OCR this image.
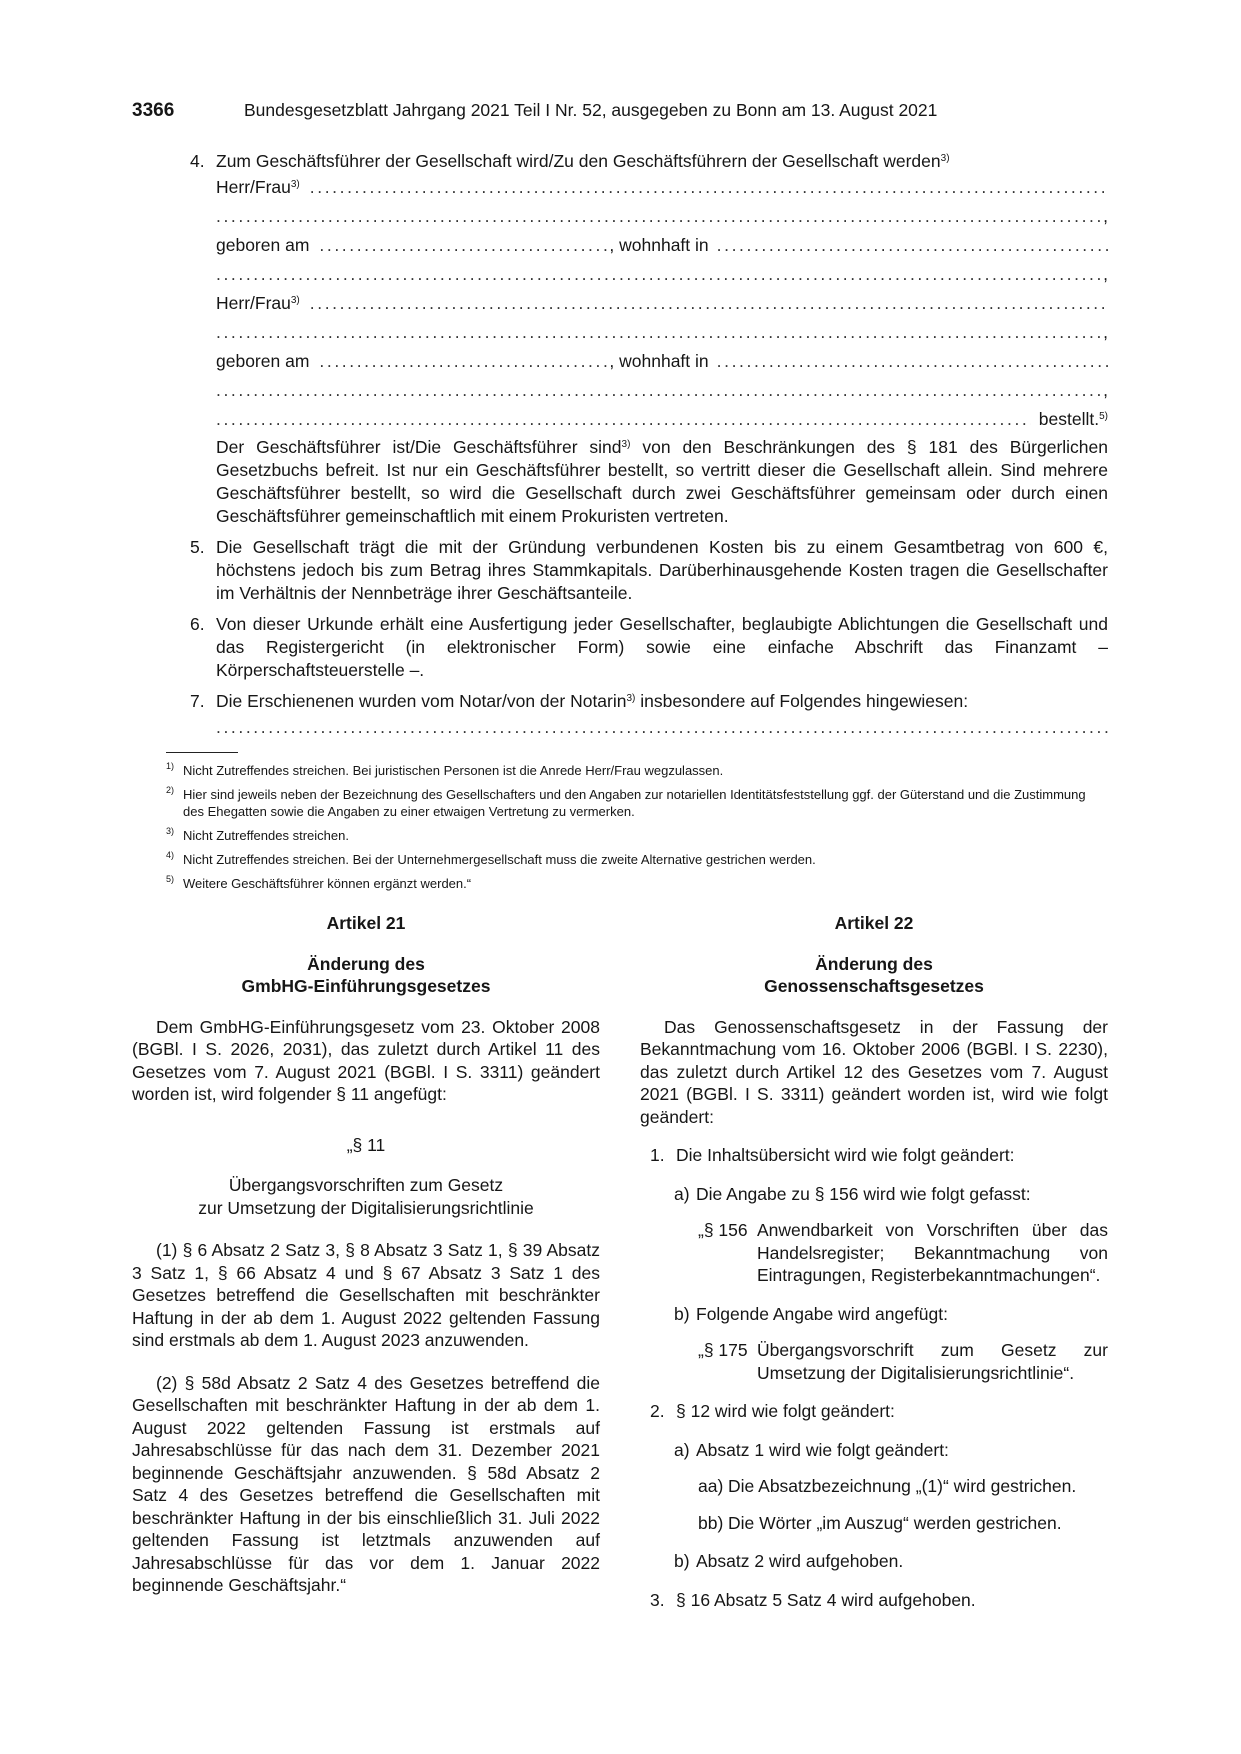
3366	Bundesgesetzblatt Jahrgang 2021 Teil I Nr. 52, ausgegeben zu Bonn am 13. August 2021
4. Zum Geschäftsführer der Gesellschaft wird/Zu den Geschäftsführern der Gesellschaft werden$^{3)}$
Herr/Frau$^{3)}$
.....
.....
,
geboren am .....	, wohnhaft in
.....
.....
,
Herr/Frau$^{3)}$
.....
.....
,
geboren am .....	, wohnhaft in
.....
.....
,
.....
bestellt.$^{5)}$
Der Geschäftsführer ist/Die Geschäftsführer sind$^{3)}$ von den Beschränkungen des § 181 des Bürgerlichen Gesetzbuchs befreit. Ist nur ein Geschäftsführer bestellt, so vertritt dieser die Gesellschaft allein. Sind mehrere Geschäftsführer bestellt, so wird die Gesellschaft durch zwei Geschäftsführer gemeinsam oder durch einen Geschäftsführer gemeinschaftlich mit einem Prokuristen vertreten.
5. Die Gesellschaft trägt die mit der Gründung verbundenen Kosten bis zu einem Gesamtbetrag von 600 €, höchstens jedoch bis zum Betrag ihres Stammkapitals. Darüberhinausgehende Kosten tragen die Gesellschafter im Verhältnis der Nennbeträge ihrer Geschäftsanteile.
6. Von dieser Urkunde erhält eine Ausfertigung jeder Gesellschafter, beglaubigte Ablichtungen die Gesellschaft und das Registergericht (in elektronischer Form) sowie eine einfache Abschrift das Finanzamt – Körperschaftsteuerstelle –.
7. Die Erschienenen wurden vom Notar/von der Notarin$^{3)}$ insbesondere auf Folgendes hingewiesen:
.....
1) Nicht Zutreffendes streichen. Bei juristischen Personen ist die Anrede Herr/Frau wegzulassen.
2) Hier sind jeweils neben der Bezeichnung des Gesellschafters und den Angaben zur notariellen Identitätsfeststellung ggf. der Güterstand und die Zustimmung des Ehegatten sowie die Angaben zu einer etwaigen Vertretung zu vermerken.
3) Nicht Zutreffendes streichen.
4) Nicht Zutreffendes streichen. Bei der Unternehmergesellschaft muss die zweite Alternative gestrichen werden.
5) Weitere Geschäftsführer können ergänzt werden.“
Artikel 21
Änderung des
GmbHG-Einführungsgesetzes
Dem GmbHG-Einführungsgesetz vom 23. Oktober 2008 (BGBl. I S. 2026, 2031), das zuletzt durch Artikel 11 des Gesetzes vom 7. August 2021 (BGBl. I S. 3311) geändert worden ist, wird folgender § 11 angefügt:
„§ 11
Übergangsvorschriften zum Gesetz
zur Umsetzung der Digitalisierungsrichtlinie
(1) § 6 Absatz 2 Satz 3, § 8 Absatz 3 Satz 1, § 39 Absatz 3 Satz 1, § 66 Absatz 4 und § 67 Absatz 3 Satz 1 des Gesetzes betreffend die Gesellschaften mit beschränkter Haftung in der ab dem 1. August 2022 geltenden Fassung sind erstmals ab dem 1. August 2023 anzuwenden.
(2) § 58d Absatz 2 Satz 4 des Gesetzes betreffend die Gesellschaften mit beschränkter Haftung in der ab dem 1. August 2022 geltenden Fassung ist erstmals auf Jahresabschlüsse für das nach dem 31. Dezember 2021 beginnende Geschäftsjahr anzuwenden. § 58d Absatz 2 Satz 4 des Gesetzes betreffend die Gesellschaften mit beschränkter Haftung in der bis einschließlich 31. Juli 2022 geltenden Fassung ist letztmals anzuwenden auf Jahresabschlüsse für das vor dem 1. Januar 2022 beginnende Geschäftsjahr.“
Artikel 22
Änderung des
Genossenschaftsgesetzes
Das Genossenschaftsgesetz in der Fassung der Bekanntmachung vom 16. Oktober 2006 (BGBl. I S. 2230), das zuletzt durch Artikel 12 des Gesetzes vom 7. August 2021 (BGBl. I S. 3311) geändert worden ist, wird wie folgt geändert:
1. Die Inhaltsübersicht wird wie folgt geändert:
a) Die Angabe zu § 156 wird wie folgt gefasst:
„§ 156 Anwendbarkeit von Vorschriften über das Handelsregister; Bekanntmachung von Eintragungen, Registerbekanntmachungen“.
b) Folgende Angabe wird angefügt:
„§ 175 Übergangsvorschrift zum Gesetz zur Umsetzung der Digitalisierungsrichtlinie“.
2. § 12 wird wie folgt geändert:
a) Absatz 1 wird wie folgt geändert:
aa) Die Absatzbezeichnung „(1)“ wird gestrichen.
bb) Die Wörter „im Auszug“ werden gestrichen.
b) Absatz 2 wird aufgehoben.
3. § 16 Absatz 5 Satz 4 wird aufgehoben.
